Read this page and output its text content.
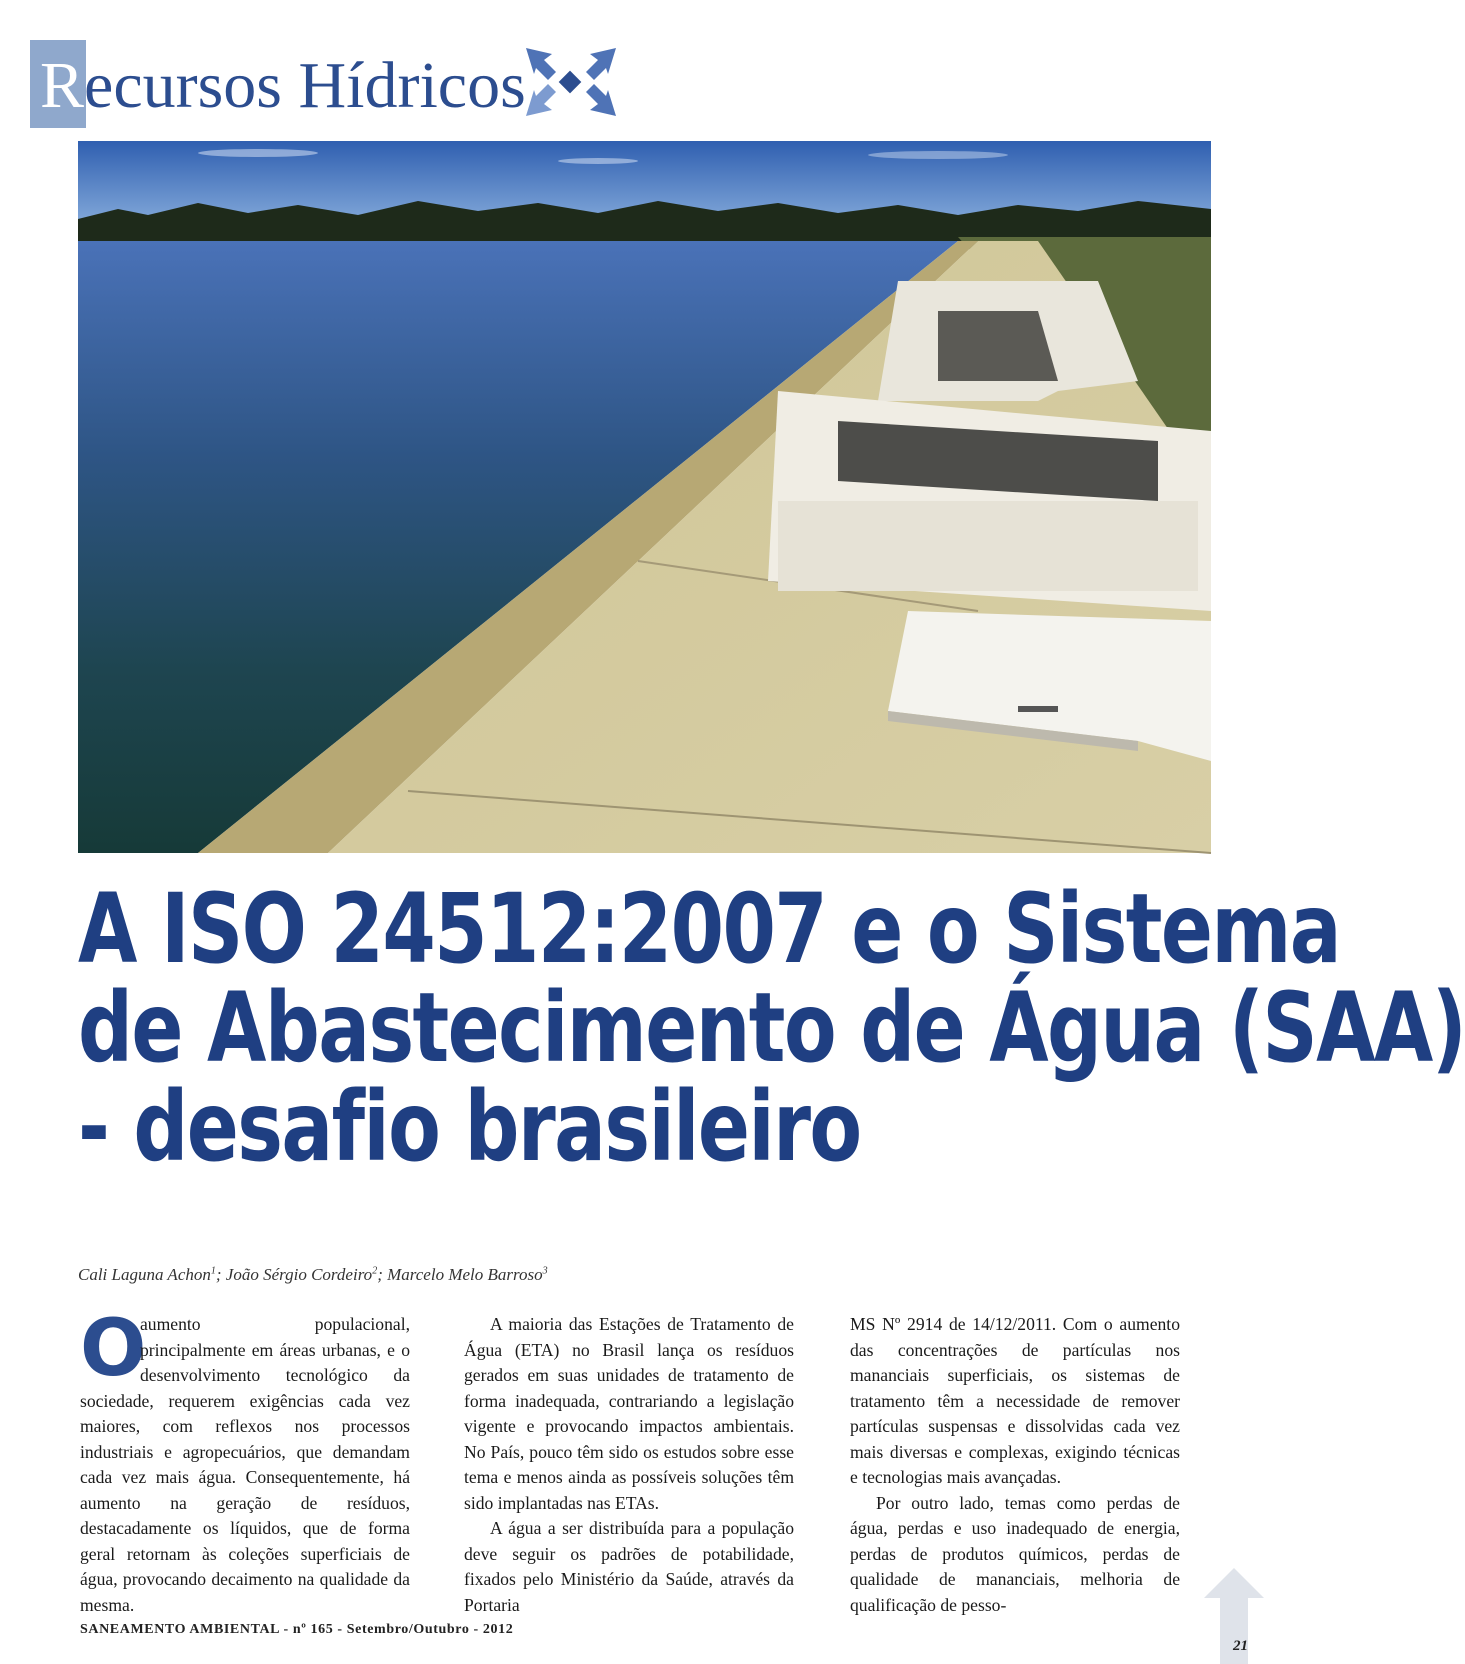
Recursos Hídricos
A ISO 24512:2007 e o Sistema
de Abastecimento de Água (SAA)
- desafio brasileiro
Cali Laguna Achon$^1$; João Sérgio Cordeiro$^2$; Marcelo Melo Barroso$^3$
O

aumento populacional, principalmente em áreas urbanas, e o desenvolvimento tecnológico da sociedade, requerem exigências cada vez maiores, com reflexos nos processos industriais e agropecuários, que demandam cada vez mais água. Consequentemente, há aumento na geração de resíduos, destacadamente os líquidos, que de forma geral retornam às coleções superficiais de água, provocando decaimento na qualidade da mesma.

A maioria das Estações de Tratamento de Água (ETA) no Brasil lança os resíduos gerados em suas unidades de tratamento de forma inadequada, contrariando a legislação vigente e provocando impactos ambientais. No País, pouco têm sido os estudos sobre esse tema e menos ainda as possíveis soluções têm sido implantadas nas ETAs.

A água a ser distribuída para a população deve seguir os padrões de potabilidade, fixados pelo Ministério da Saúde, através da Portaria

MS Nº 2914 de 14/12/2011. Com o aumento das concentrações de partículas nos mananciais superficiais, os sistemas de tratamento têm a necessidade de remover partículas suspensas e dissolvidas cada vez mais diversas e complexas, exigindo técnicas e tecnologias mais avançadas.

Por outro lado, temas como perdas de água, perdas e uso inadequado de energia, perdas de produtos químicos, perdas de qualidade de mananciais, melhoria de qualificação de pesso-

SANEAMENTO AMBIENTAL - nº 165 - Setembro/Outubro - 2012
21
